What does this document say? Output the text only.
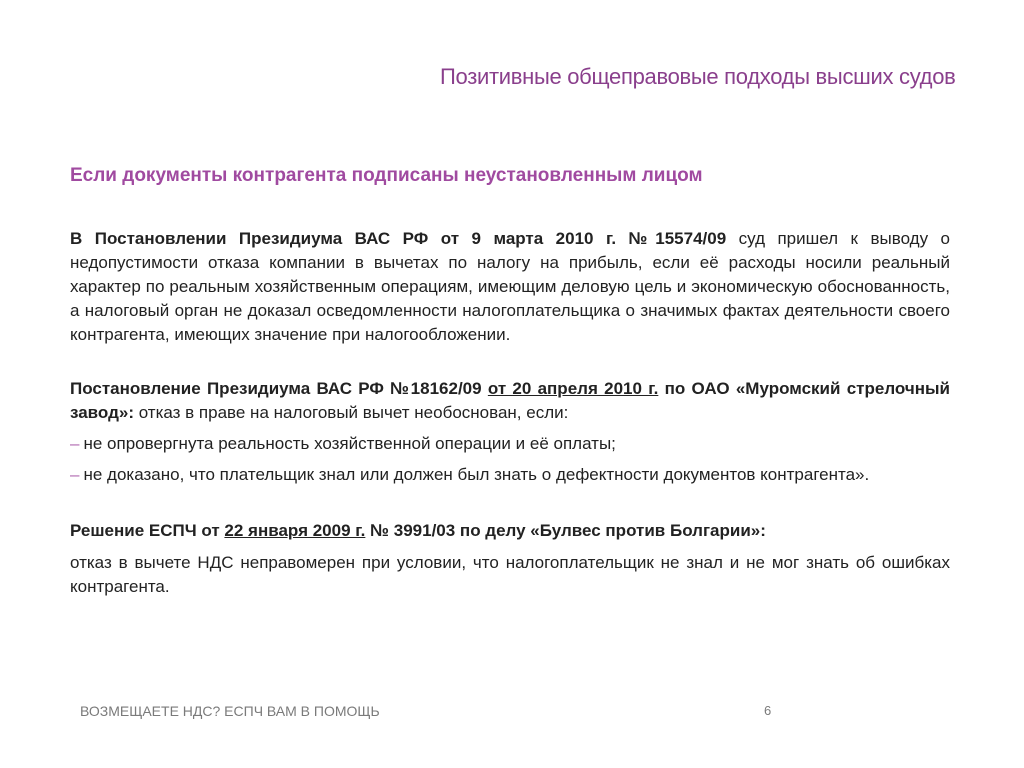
Позитивные общеправовые подходы высших судов
Если документы контрагента подписаны неустановленным лицом

В Постановлении Президиума ВАС РФ от 9 марта 2010 г. №15574/09 суд пришел к выводу о недопустимости отказа компании в вычетах по налогу на прибыль, если её расходы носили реальный характер по реальным хозяйственным операциям, имеющим деловую цель и экономическую обоснованность, а налоговый орган не доказал осведомленности налогоплательщика о значимых фактах деятельности своего контрагента, имеющих значение при налогообложении.

Постановление Президиума ВАС РФ №18162/09 от 20 апреля 2010 г. по ОАО «Муромский стрелочный завод»: отказ в праве на налоговый вычет необоснован, если:

– не опровергнута реальность хозяйственной операции и её оплаты;

– не доказано, что плательщик знал или должен был знать о дефектности документов контрагента».

Решение ЕСПЧ от 22 января 2009 г. № 3991/03 по делу «Булвес против Болгарии»:

отказ в вычете НДС неправомерен при условии, что налогоплательщик не знал и не мог знать об ошибках контрагента.

ВОЗМЕЩАЕТЕ НДС? ЕСПЧ ВАМ В ПОМОЩЬ	6
